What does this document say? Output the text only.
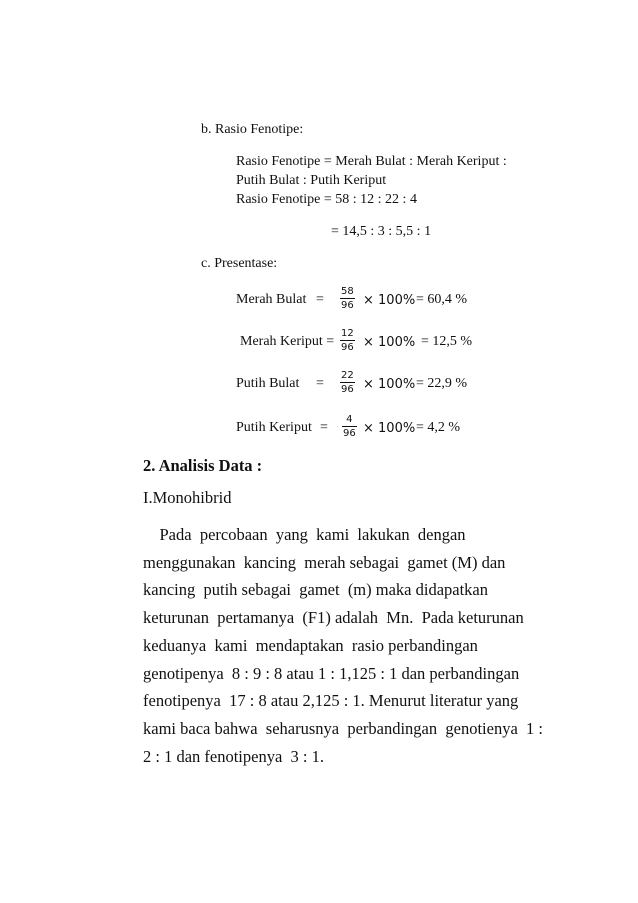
b. Rasio Fenotipe:
Rasio Fenotipe = Merah Bulat : Merah Keriput :
Putih Bulat : Putih Keriput
Rasio Fenotipe = 58 : 12 : 22 : 4
= 14,5 : 3 : 5,5 : 1
c. Presentase:
Merah Bulat = $\frac{58}{96} \times 100\% = 60,4$ %
Merah Keriput = $\frac{12}{96} \times 100\% = 12,5$ %
Putih Bulat = $\frac{22}{96} \times 100\% = 22,9$ %
Putih Keriput = $\frac{4}{96} \times 100\% = 4,2$ %
2. Analisis Data :
I.Monohibrid
Pada  percobaan  yang  kami  lakukan  dengan
menggunakan  kancing  merah sebagai  gamet (M) dan
kancing  putih sebagai  gamet  (m) maka didapatkan
keturunan  pertamanya  (F1) adalah  Mn.  Pada keturunan
keduanya  kami  mendaptakan  rasio perbandingan
genotipenya  8 : 9 : 8 atau 1 : 1,125 : 1 dan perbandingan
fenotipenya  17 : 8 atau 2,125 : 1. Menurut literatur yang
kami baca bahwa  seharusnya  perbandingan  genotienya  1 :
2 : 1 dan fenotipenya  3 : 1.
